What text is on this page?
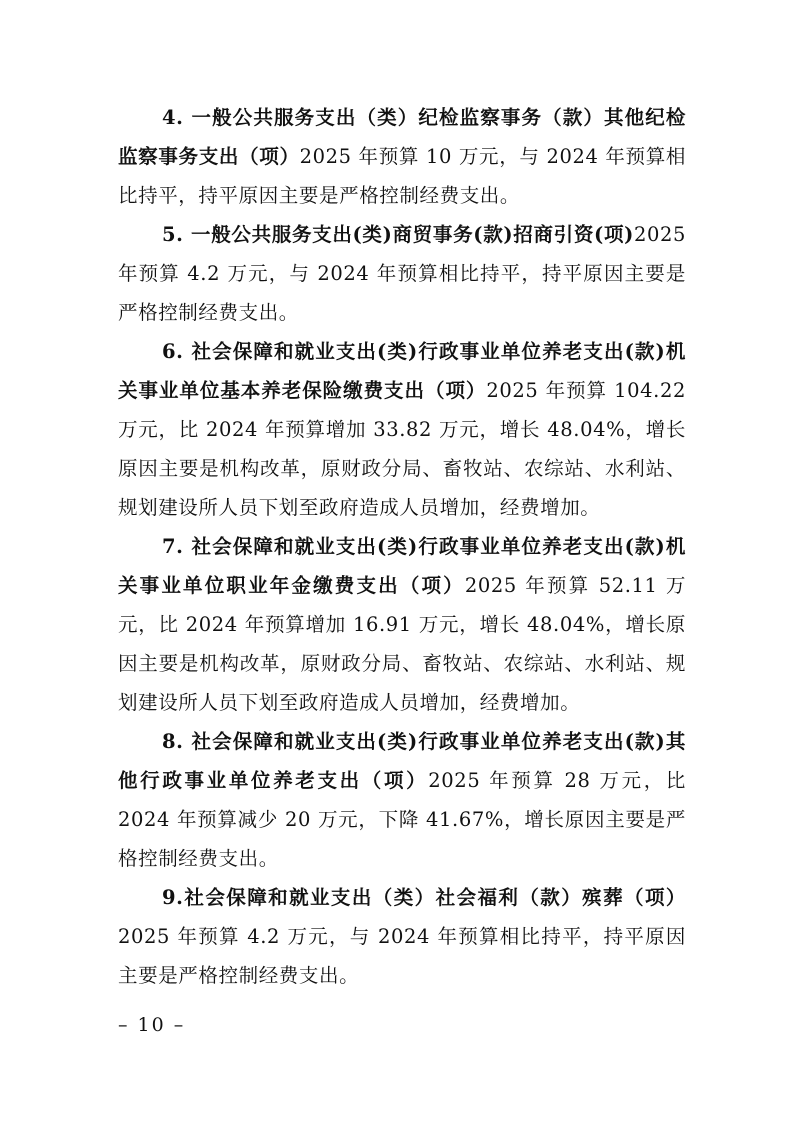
4. 一般公共服务支出（类）纪检监察事务（款）其他纪检监察事务支出（项）2025 年预算 10 万元，与 2024 年预算相比持平，持平原因主要是严格控制经费支出。

5. 一般公共服务支出(类)商贸事务(款)招商引资(项)2025 年预算 4.2 万元，与 2024 年预算相比持平，持平原因主要是严格控制经费支出。

6. 社会保障和就业支出(类)行政事业单位养老支出(款)机关事业单位基本养老保险缴费支出（项）2025 年预算 104.22 万元，比 2024 年预算增加 33.82 万元，增长 48.04%，增长原因主要是机构改革，原财政分局、畜牧站、农综站、水利站、规划建设所人员下划至政府造成人员增加，经费增加。

7. 社会保障和就业支出(类)行政事业单位养老支出(款)机关事业单位职业年金缴费支出（项）2025 年预算 52.11 万元，比 2024 年预算增加 16.91 万元，增长 48.04%，增长原因主要是机构改革，原财政分局、畜牧站、农综站、水利站、规划建设所人员下划至政府造成人员增加，经费增加。

8. 社会保障和就业支出(类)行政事业单位养老支出(款)其他行政事业单位养老支出（项）2025 年预算 28 万元，比 2024 年预算减少 20 万元，下降 41.67%，增长原因主要是严格控制经费支出。

9.社会保障和就业支出（类）社会福利（款）殡葬（项）2025 年预算 4.2 万元，与 2024 年预算相比持平，持平原因主要是严格控制经费支出。

– 10 –
